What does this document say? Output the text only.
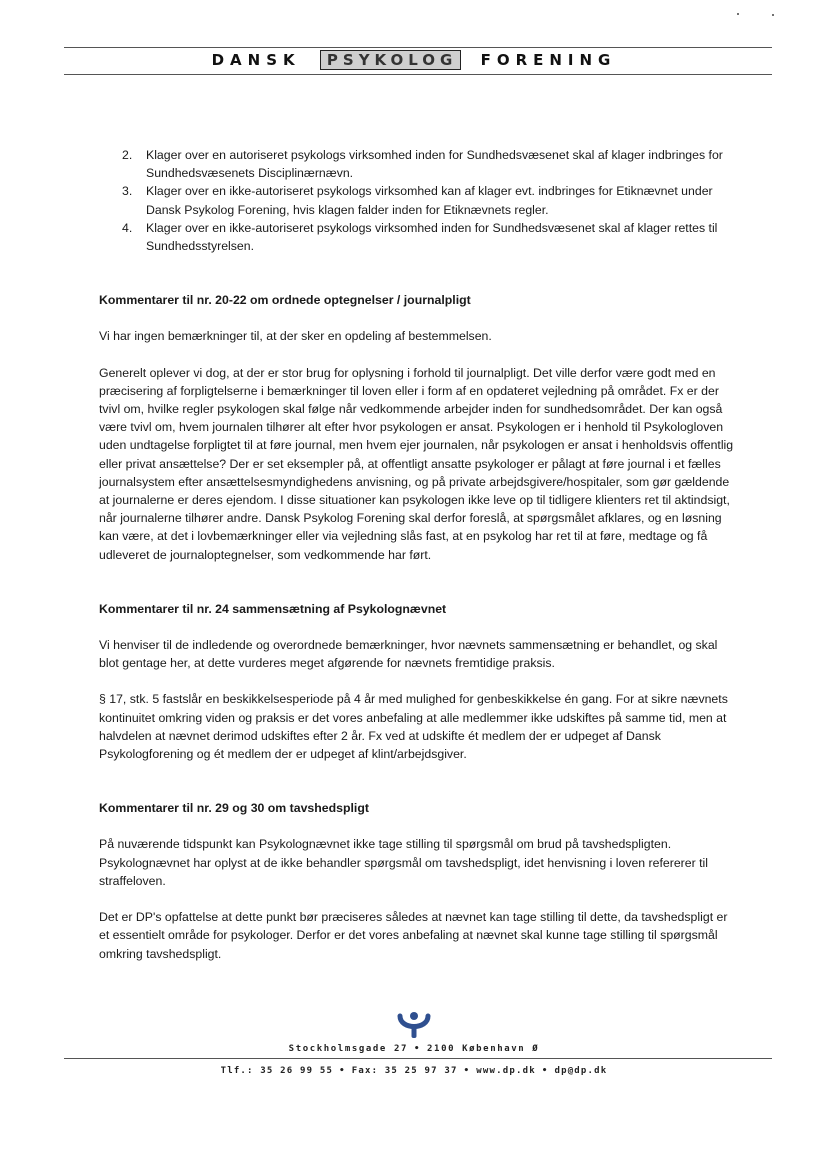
DANSK PSYKOLOG FORENING
2. Klager over en autoriseret psykologs virksomhed inden for Sundhedsvæsenet skal af klager indbringes for Sundhedsvæsenets Disciplinærnævn.
3. Klager over en ikke-autoriseret psykologs virksomhed kan af klager evt. indbringes for Etiknævnet under Dansk Psykolog Forening, hvis klagen falder inden for Etiknævnets regler.
4. Klager over en ikke-autoriseret psykologs virksomhed inden for Sundhedsvæsenet skal af klager rettes til Sundhedsstyrelsen.
Kommentarer til nr. 20-22 om ordnede optegnelser / journalpligt

Vi har ingen bemærkninger til, at der sker en opdeling af bestemmelsen.

Generelt oplever vi dog, at der er stor brug for oplysning i forhold til journalpligt. Det ville derfor være godt med en præcisering af forpligtelserne i bemærkninger til loven eller i form af en opdateret vejledning på området. Fx er der tvivl om, hvilke regler psykologen skal følge når vedkommende arbejder inden for sundhedsområdet. Der kan også være tvivl om, hvem journalen tilhører alt efter hvor psykologen er ansat. Psykologen er i henhold til Psykologloven uden undtagelse forpligtet til at føre journal, men hvem ejer journalen, når psykologen er ansat i henholdsvis offentlig eller privat ansættelse? Der er set eksempler på, at offentligt ansatte psykologer er pålagt at føre journal i et fælles journalsystem efter ansættelsesmyndighedens anvisning, og på private arbejdsgivere/hospitaler, som gør gældende at journalerne er deres ejendom. I disse situationer kan psykologen ikke leve op til tidligere klienters ret til aktindsigt, når journalerne tilhører andre. Dansk Psykolog Forening skal derfor foreslå, at spørgsmålet afklares, og en løsning kan være, at det i lovbemærkninger eller via vejledning slås fast, at en psykolog har ret til at føre, medtage og få udleveret de journaloptegnelser, som vedkommende har ført.

Kommentarer til nr. 24 sammensætning af Psykolognævnet

Vi henviser til de indledende og overordnede bemærkninger, hvor nævnets sammensætning er behandlet, og skal blot gentage her, at dette vurderes meget afgørende for nævnets fremtidige praksis.

§ 17, stk. 5 fastslår en beskikkelsesperiode på 4 år med mulighed for genbeskikkelse én gang. For at sikre nævnets kontinuitet omkring viden og praksis er det vores anbefaling at alle medlemmer ikke udskiftes på samme tid, men at halvdelen at nævnet derimod udskiftes efter 2 år. Fx ved at udskifte ét medlem der er udpeget af Dansk Psykologforening og ét medlem der er udpeget af klint/arbejdsgiver.

Kommentarer til nr. 29 og 30 om tavshedspligt

På nuværende tidspunkt kan Psykolognævnet ikke tage stilling til spørgsmål om brud på tavshedspligten. Psykolognævnet har oplyst at de ikke behandler spørgsmål om tavshedspligt, idet henvisning i loven refererer til straffeloven.

Det er DP's opfattelse at dette punkt bør præciseres således at nævnet kan tage stilling til dette, da tavshedspligt er et essentielt område for psykologer. Derfor er det vores anbefaling at nævnet skal kunne tage stilling til spørgsmål omkring tavshedspligt.

Stockholmsgade 27 • 2100 København Ø
Tlf.: 35 26 99 55 • Fax: 35 25 97 37 • www.dp.dk • dp@dp.dk
